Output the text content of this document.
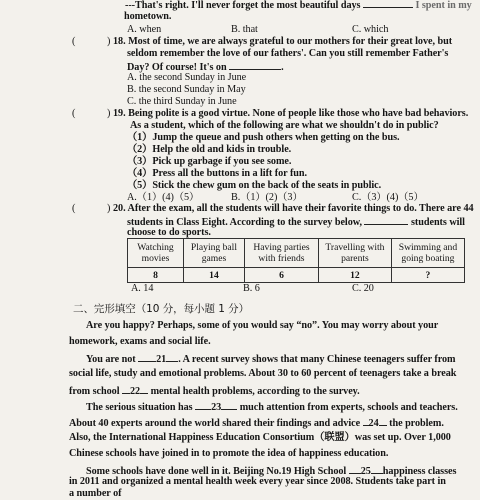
---That's right. I'll never forget the most beautiful days	I spent in my
hometown.
A. when	B. that	C. which
(	) 18. Most of time, we are always grateful to our mothers for their great love, but
seldom remember the love of our fathers'. Can you still remember Father's
Day? Of course! It's on	.
A. the second Sunday in June
B. the second Sunday in May
C. the third Sunday in June
(	) 19. Being polite is a good virtue. None of people like those who have bad behaviors.
As a student, which of the following are what we shouldn't do in public?
（1）Jump the queue and push others when getting on the bus.
（2）Help the old and kids in trouble.
（3）Pick up garbage if you see some.
（4）Press all the buttons in a lift for fun.
（5）Stick the chew gum on the back of the seats in public.
A.（1）(4)（5）	B.（1）(2)（3）	C.（3）(4)（5）
(	) 20. After the exam, all the students will have their favorite things to do. There are 44
students in Class Eight. According to the survey below,	students will
choose to do sports.
Watching movies	Playing ball games	Having parties with friends	Travelling with parents	Swimming and going boating
8	14	6	12	?
A. 14	B. 6	C. 20
二、完形填空（10 分，每小题 1 分）
Are you happy? Perhaps, some of you would say “no”. You may worry about your
homework, exams and social life.
You are not 21 . A recent survey shows that many Chinese teenagers suffer from
social life, study and emotional problems. About 30 to 60 percent of teenagers take a break
from school 22 mental health problems, according to the survey.
The serious situation has 23 much attention from experts, schools and teachers.
About 40 experts around the world shared their findings and advice 24 the problem.
Also, the International Happiness Education Consortium（联盟）was set up. Over 1,000
Chinese schools have joined in to promote the idea of happiness education.
Some schools have done well in it. Beijing No.19 High School 25 happiness classes
in 2011 and organized a mental health week every year since 2008. Students take part in
a number of
